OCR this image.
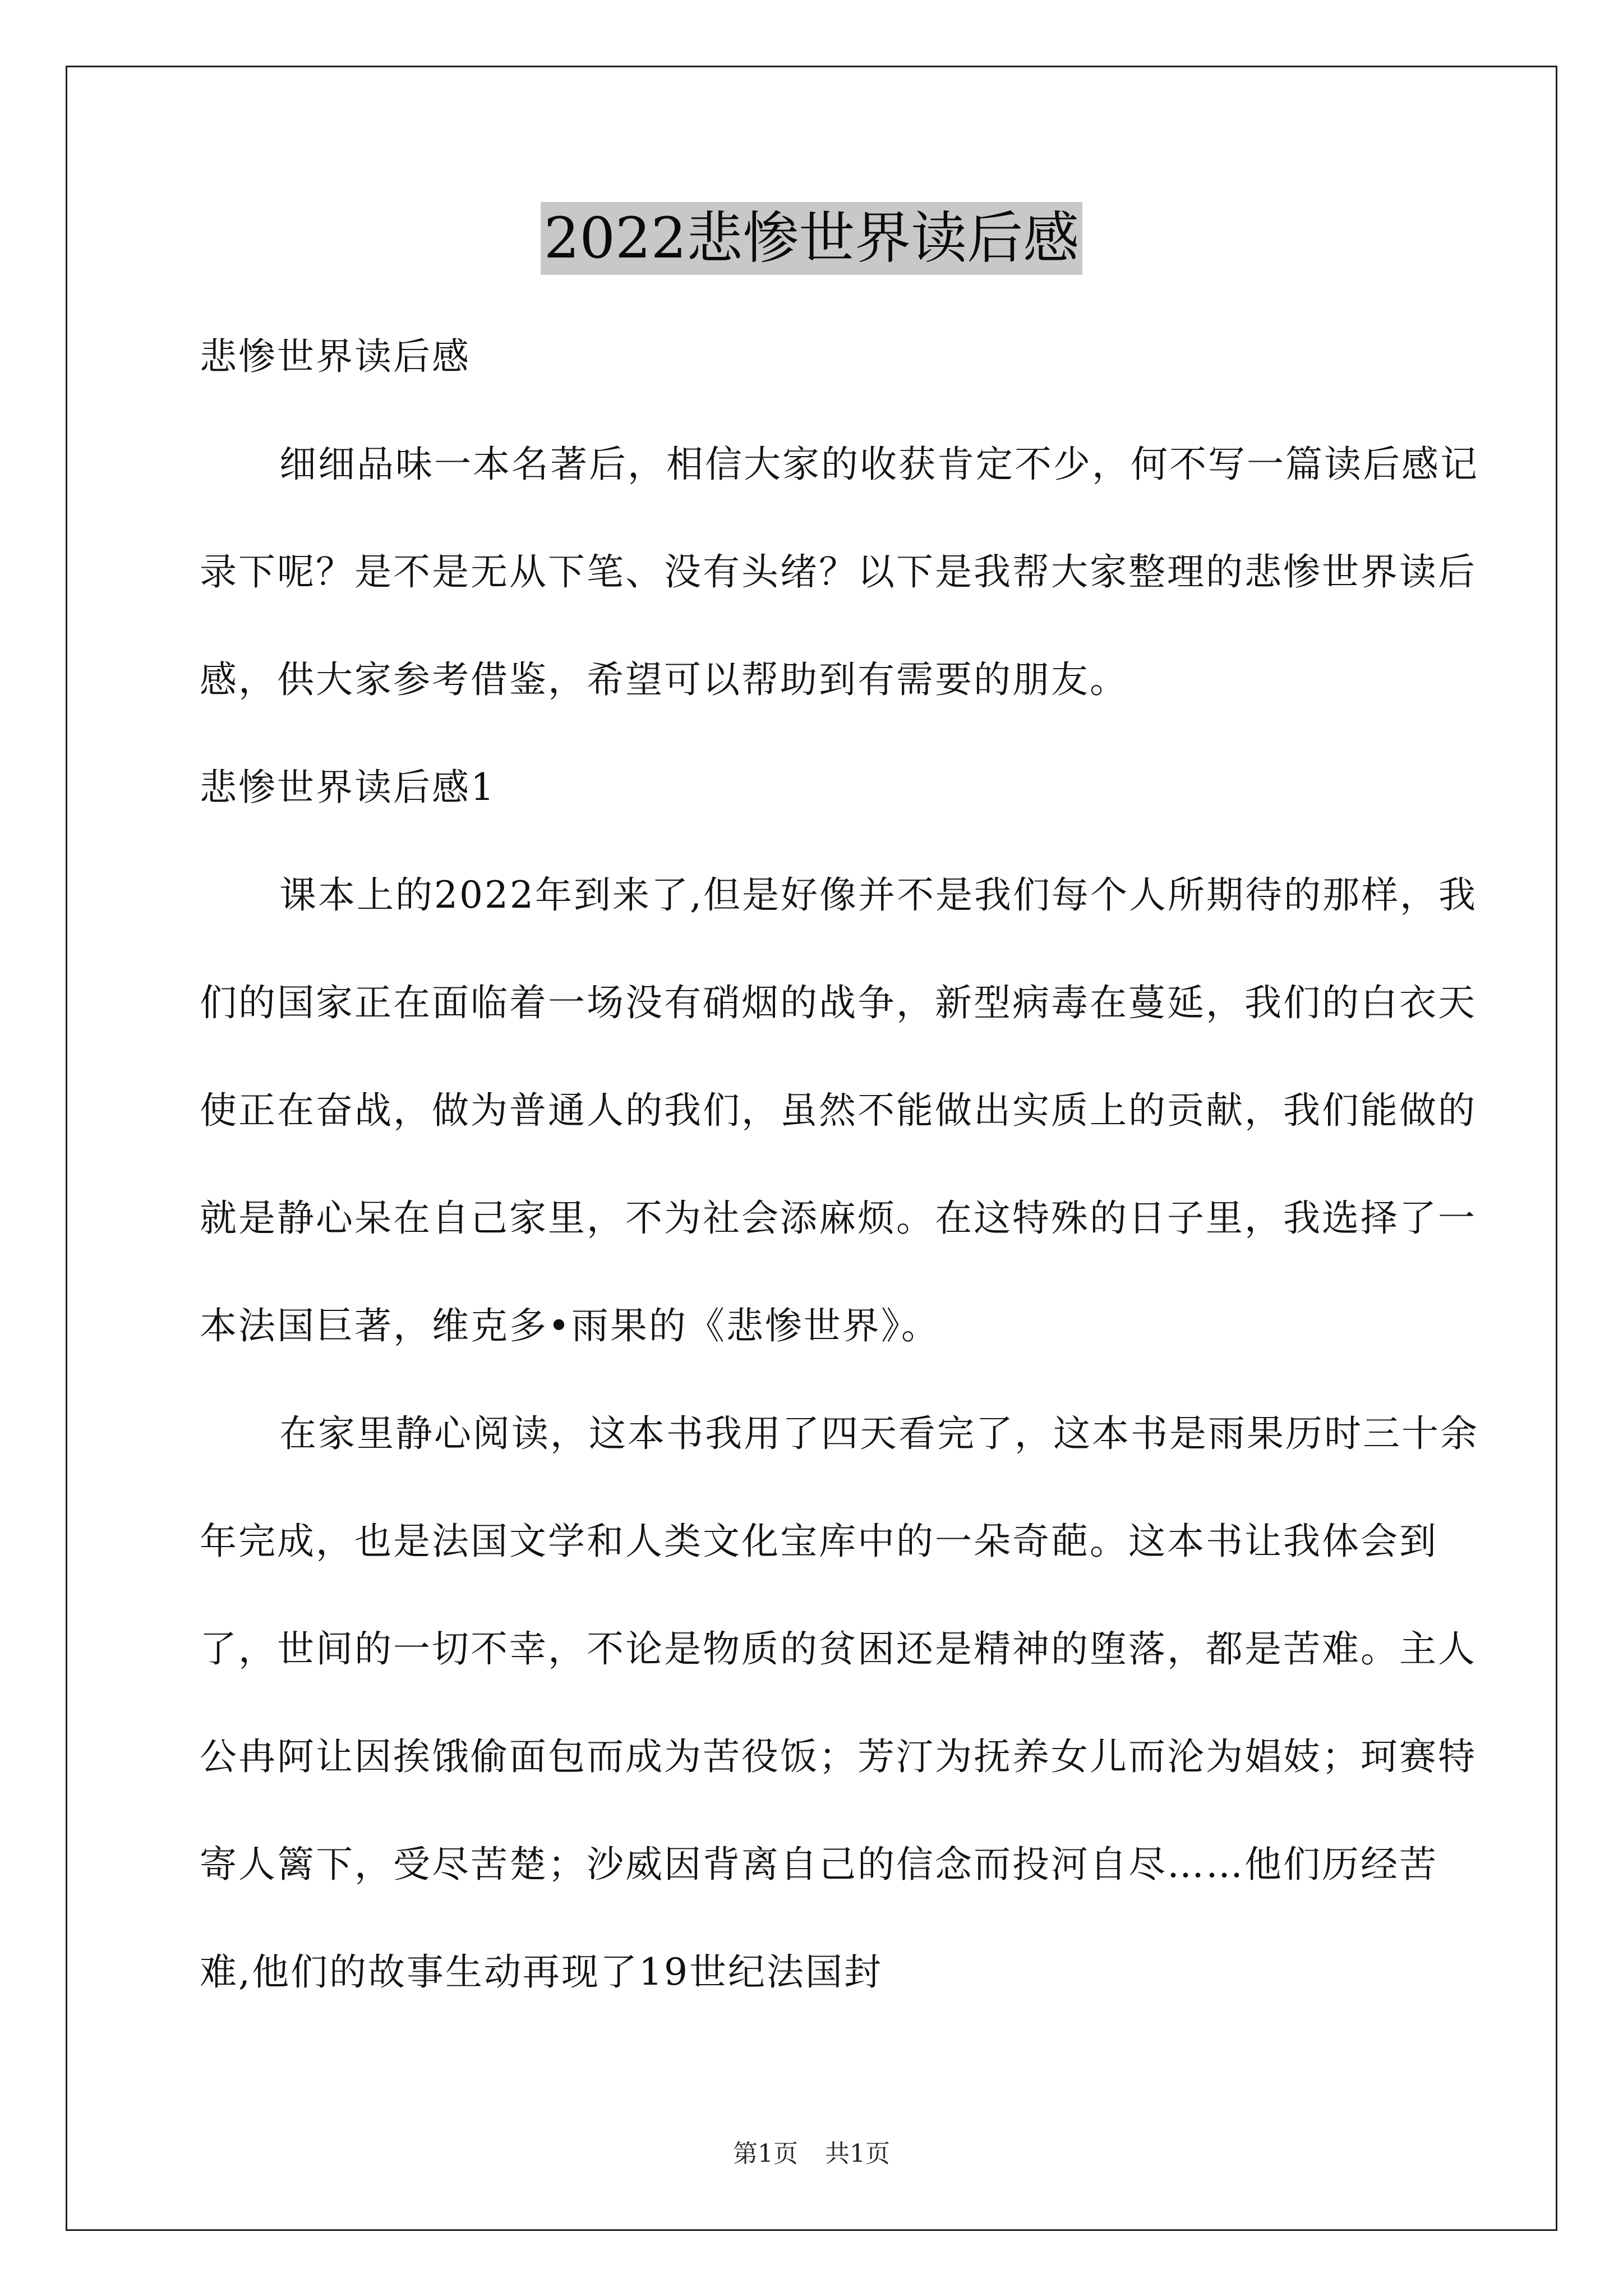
2022悲惨世界读后感

悲惨世界读后感

细细品味一本名著后，相信大家的收获肯定不少，何不写一篇读后感记录下呢？是不是无从下笔、没有头绪？以下是我帮大家整理的悲惨世界读后感，供大家参考借鉴，希望可以帮助到有需要的朋友。

悲惨世界读后感1

课本上的2022年到来了,但是好像并不是我们每个人所期待的那样，我们的国家正在面临着一场没有硝烟的战争，新型病毒在蔓延，我们的白衣天使正在奋战，做为普通人的我们，虽然不能做出实质上的贡献，我们能做的就是静心呆在自己家里，不为社会添麻烦。在这特殊的日子里，我选择了一本法国巨著，维克多•雨果的《悲惨世界》。

在家里静心阅读，这本书我用了四天看完了，这本书是雨果历时三十余年完成，也是法国文学和人类文化宝库中的一朵奇葩。这本书让我体会到了，世间的一切不幸，不论是物质的贫困还是精神的堕落，都是苦难。主人公冉阿让因挨饿偷面包而成为苦役饭；芳汀为抚养女儿而沦为娼妓；珂赛特寄人篱下，受尽苦楚；沙威因背离自己的信念而投河自尽……他们历经苦难,他们的故事生动再现了19世纪法国封

第1页 共1页
